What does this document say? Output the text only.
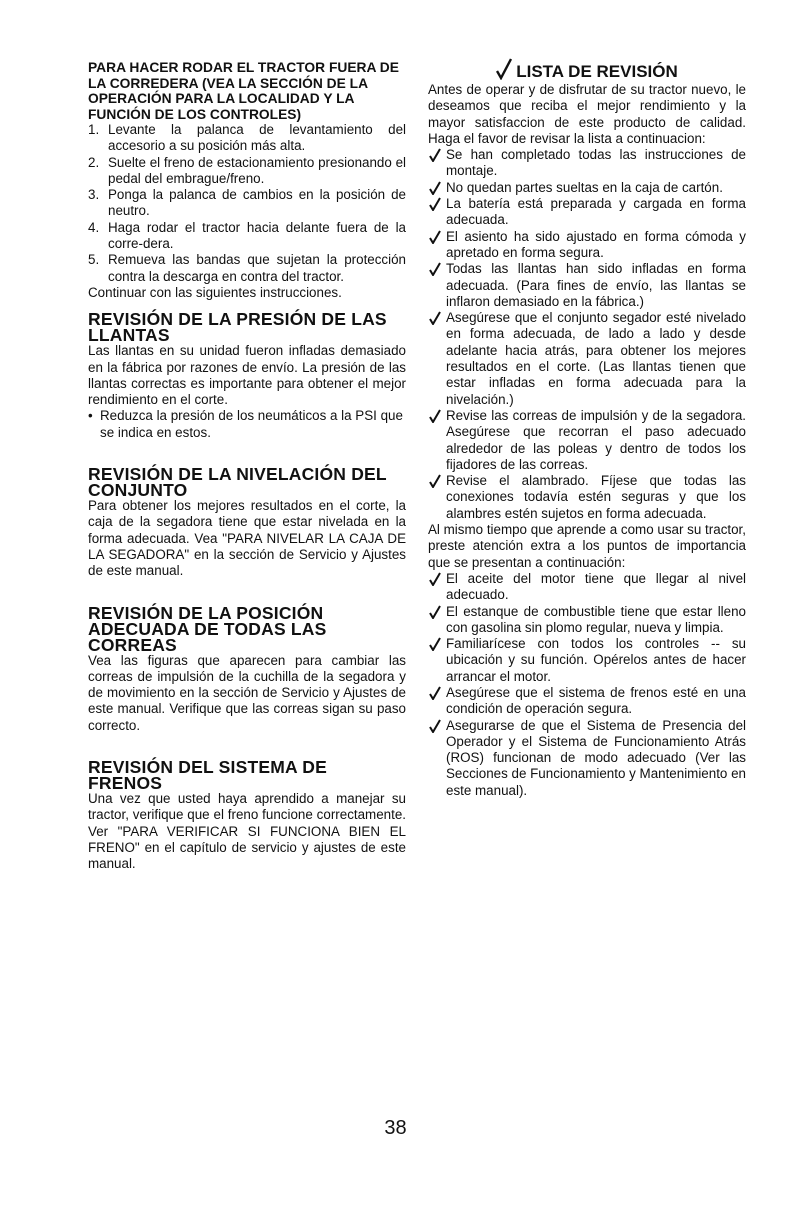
PARA HACER RODAR EL TRACTOR FUERA DE LA CORREDERA (VEA LA SECCIÓN DE LA OPERACIÓN PARA LA LOCALIDAD Y LA FUNCIÓN DE LOS CONTROLES)
1. Levante la palanca de levantamiento del accesorio a su posición más alta.
2. Suelte el freno de estacionamiento presionando el pedal del embrague/freno.
3. Ponga la palanca de cambios en la posición de neutro.
4. Haga rodar el tractor hacia delante fuera de la corre-dera.
5. Remueva las bandas que sujetan la protección contra la descarga en contra del tractor.

Continuar con las siguientes instrucciones.

REVISIÓN DE LA PRESIÓN DE LAS LLANTAS

Las llantas en su unidad fueron infladas demasiado en la fábrica por razones de envío. La presión de las llantas correctas es importante para obtener el mejor rendimiento en el corte.

• Reduzca la presión de los neumáticos a la PSI que se indica en estos.
REVISIÓN DE LA NIVELACIÓN DEL CONJUNTO

Para obtener los mejores resultados en el corte, la caja de la segadora tiene que estar nivelada en la forma adecuada. Vea "PARA NIVELAR LA CAJA DE LA SEGADORA" en la sección de Servicio y Ajustes de este manual.

REVISIÓN DE LA POSICIÓN ADECUADA DE TODAS LAS CORREAS

Vea las figuras que aparecen para cambiar las correas de impulsión de la cuchilla de la segadora y de movimiento en la sección de Servicio y Ajustes de este manual. Verifique que las correas sigan su paso correcto.

REVISIÓN DEL SISTEMA DE FRENOS

Una vez que usted haya aprendido a manejar su tractor, verifique que el freno funcione correctamente. Ver "PARA VERIFICAR SI FUNCIONA BIEN EL FRENO" en el capítulo de servicio y ajustes de este manual.

LISTA DE REVISIÓN

Antes de operar y de disfrutar de su tractor nuevo, le deseamos que reciba el mejor rendimiento y la mayor satisfaccion de este producto de calidad. Haga el favor de revisar la lista a continuacion:

Se han completado todas las instrucciones de montaje.
No quedan partes sueltas en la caja de cartón.
La batería está preparada y cargada en forma adecuada.
El asiento ha sido ajustado en forma cómoda y apretado en forma segura.
Todas las llantas han sido infladas en forma adecuada. (Para fines de envío, las llantas se inflaron demasiado en la fábrica.)
Asegúrese que el conjunto segador esté nivelado en forma adecuada, de lado a lado y desde adelante hacia atrás, para obtener los mejores resultados en el corte. (Las llantas tienen que estar infladas en forma adecuada para la nivelación.)
Revise las correas de impulsión y de la segadora. Asegúrese que recorran el paso adecuado alrededor de las poleas y dentro de todos los fijadores de las correas.
Revise el alambrado. Fíjese que todas las conexiones todavía estén seguras y que los alambres estén sujetos en forma adecuada.

Al mismo tiempo que aprende a como usar su tractor, preste atención extra a los puntos de importancia que se presentan a continuación:

El aceite del motor tiene que llegar al nivel adecuado.
El estanque de combustible tiene que estar lleno con gasolina sin plomo regular, nueva y limpia.
Familiarícese con todos los controles -- su ubicación y su función. Opérelos antes de hacer arrancar el motor.
Asegúrese que el sistema de frenos esté en una condición de operación segura.
Asegurarse de que el Sistema de Presencia del Operador y el Sistema de Funcionamiento Atrás (ROS) funcionan de modo adecuado (Ver las Secciones de Funcionamiento y Mantenimiento en este manual).
38
